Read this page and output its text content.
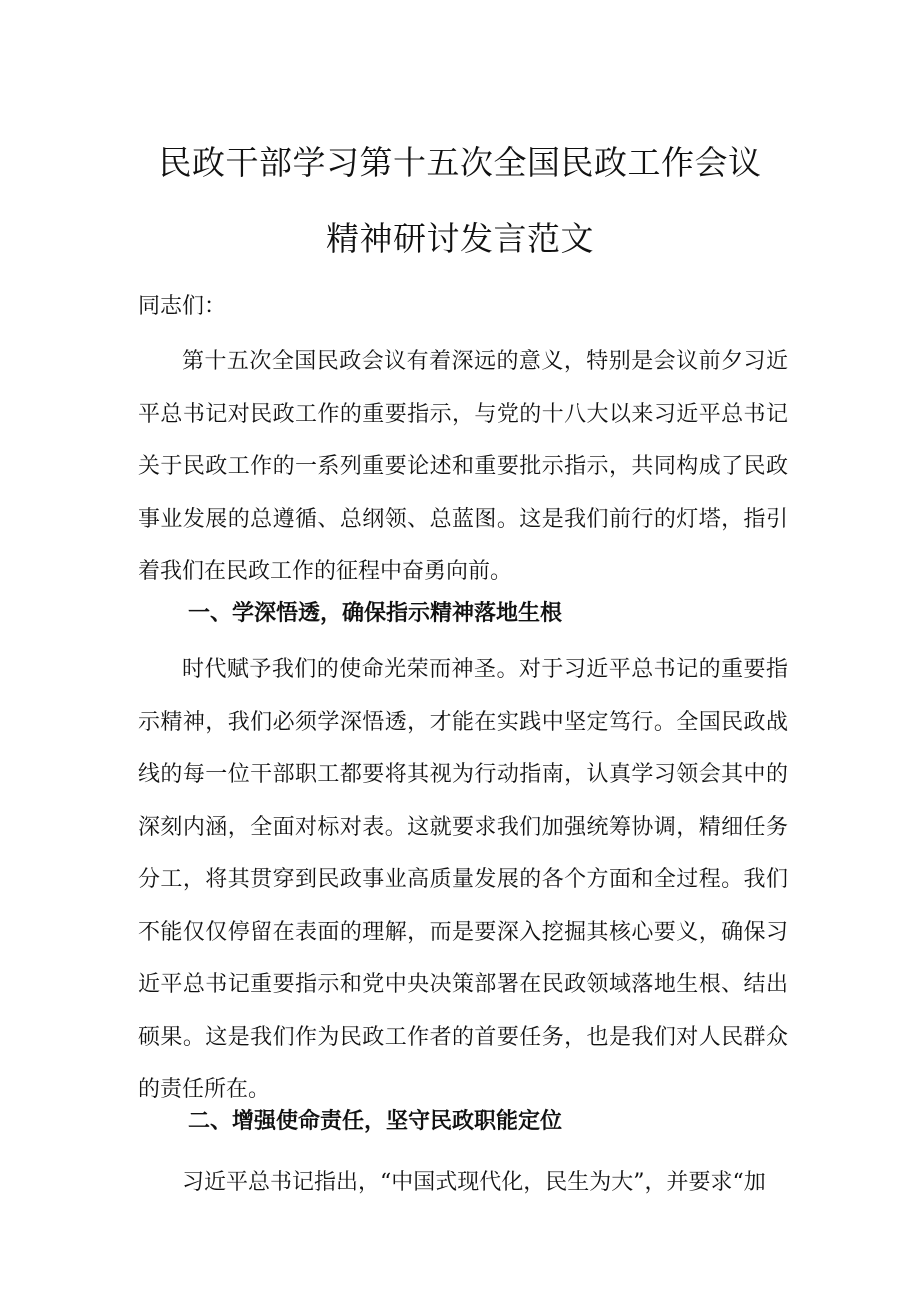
民政干部学习第十五次全国民政工作会议
精神研讨发言范文
同志们：

第十五次全国民政会议有着深远的意义，特别是会议前夕习近平总书记对民政工作的重要指示，与党的十八大以来习近平总书记关于民政工作的一系列重要论述和重要批示指示，共同构成了民政事业发展的总遵循、总纲领、总蓝图。这是我们前行的灯塔，指引着我们在民政工作的征程中奋勇向前。

一、学深悟透，确保指示精神落地生根

时代赋予我们的使命光荣而神圣。对于习近平总书记的重要指示精神，我们必须学深悟透，才能在实践中坚定笃行。全国民政战线的每一位干部职工都要将其视为行动指南，认真学习领会其中的深刻内涵，全面对标对表。这就要求我们加强统筹协调，精细任务分工，将其贯穿到民政事业高质量发展的各个方面和全过程。我们不能仅仅停留在表面的理解，而是要深入挖掘其核心要义，确保习近平总书记重要指示和党中央决策部署在民政领域落地生根、结出硕果。这是我们作为民政工作者的首要任务，也是我们对人民群众的责任所在。

二、增强使命责任，坚守民政职能定位

习近平总书记指出，“中国式现代化，民生为大”，并要求“加
